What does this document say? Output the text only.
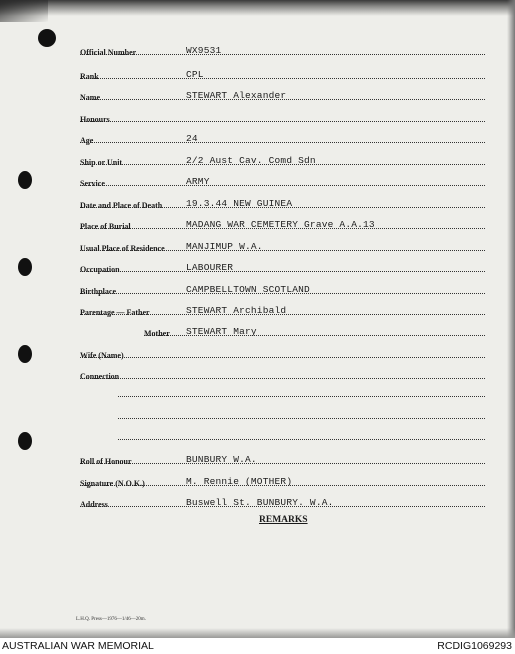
Official Number	WX9531
Rank	CPL
Name	STEWART Alexander
Honours
Age	24
Ship or Unit	2/2 Aust Cav. Comd Sdn
Service	ARMY
Date and Place of Death	19.3.44 NEW GUINEA
Place of Burial	MADANG WAR CEMETERY Grave A.A.13
Usual Place of Residence MANJIMUP W.A.
Occupation	LABOURER
Birthplace	CAMPBELLTOWN SCOTLAND
Parentage — Father	STEWART Archibald
Mother STEWART Mary
Wife (Name)
Connection
Roll of Honour	BUNBURY W.A.
Signature (N.O.K.)	M. Rennie (MOTHER)
Address	Buswell St. BUNBURY. W.A.
REMARKS
L.H.Q. Press—1976—1/46—20m.
AUSTRALIAN WAR MEMORIAL	RCDIG1069293
